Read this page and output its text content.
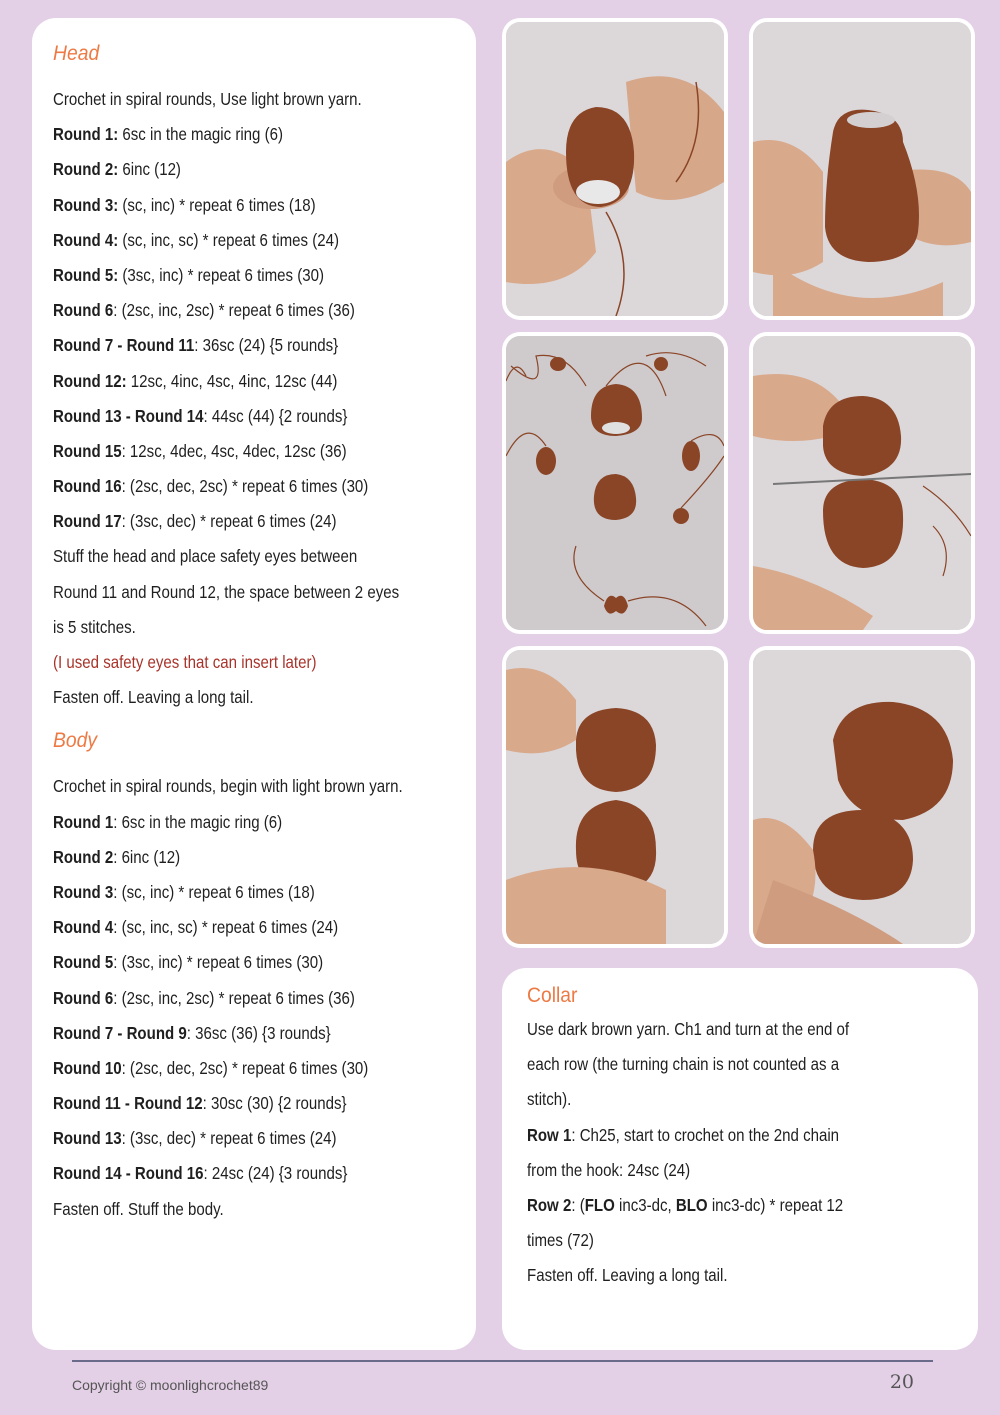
Head
Crochet in spiral rounds, Use light brown yarn.
Round 1: 6sc in the magic ring (6)
Round 2: 6inc (12)
Round 3: (sc, inc) * repeat 6 times (18)
Round 4: (sc, inc, sc) * repeat 6 times (24)
Round 5: (3sc, inc) * repeat 6 times (30)
Round 6: (2sc, inc, 2sc) * repeat 6 times (36)
Round 7 - Round 11: 36sc (24) {5 rounds}
Round 12: 12sc, 4inc, 4sc, 4inc, 12sc (44)
Round 13 - Round 14: 44sc (44) {2 rounds}
Round 15: 12sc, 4dec, 4sc, 4dec, 12sc (36)
Round 16: (2sc, dec, 2sc) * repeat 6 times (30)
Round 17: (3sc, dec) * repeat 6 times (24)
Stuff the head and place safety eyes between
Round 11 and Round 12, the space between 2 eyes
is 5 stitches.
(I used safety eyes that can insert later)
Fasten off. Leaving a long tail.
Body
Crochet in spiral rounds, begin with light brown yarn.
Round 1: 6sc in the magic ring (6)
Round 2: 6inc (12)
Round 3: (sc, inc) * repeat 6 times (18)
Round 4: (sc, inc, sc) * repeat 6 times (24)
Round 5: (3sc, inc) * repeat 6 times (30)
Round 6: (2sc, inc, 2sc) * repeat 6 times (36)
Round 7 - Round 9: 36sc (36) {3 rounds}
Round 10: (2sc, dec, 2sc) * repeat 6 times (30)
Round 11 - Round 12: 30sc (30) {2 rounds}
Round 13: (3sc, dec) * repeat 6 times (24)
Round 14 - Round 16: 24sc (24) {3 rounds}
Fasten off. Stuff the body.
Collar
Use dark brown yarn. Ch1 and turn at the end of
each row (the turning chain is not counted as a
stitch).
Row 1: Ch25, start to crochet on the 2nd chain
from the hook: 24sc (24)
Row 2: (FLO inc3-dc, BLO inc3-dc) * repeat 12
times (72)
Fasten off. Leaving a long tail.
Copyright © moonlighcrochet89	20
